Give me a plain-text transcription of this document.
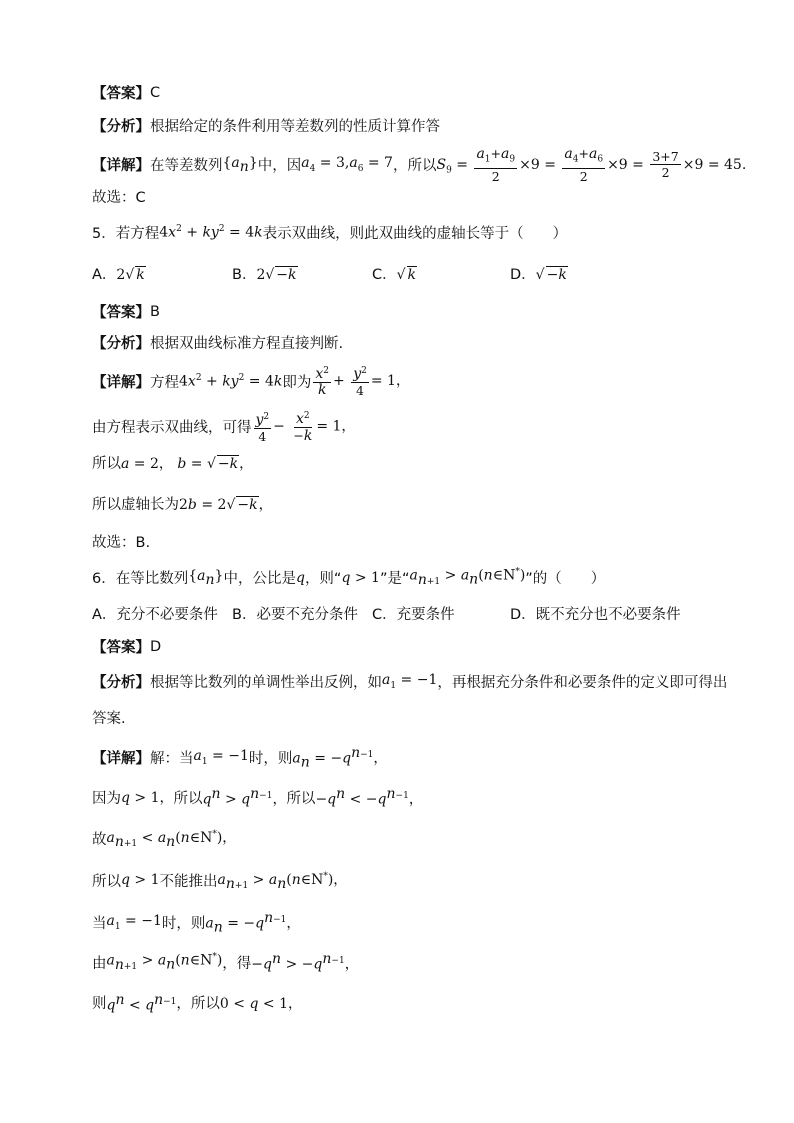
【答案】 C
【分析】 根据给定的条件利用等差数列的性质计算作答
【详解】 在等差数列 $\{a_n\}$ 中，因 $a_4 = 3,a_6 = 7$ ，所以 $S_9 = \frac{a_1+a_9}{2} \times 9 = \frac{a_4+a_6}{2} \times 9 = \frac{3+7}{2} \times 9 = 45$.
故选：C
5．若方程 $4x^2 + ky^2 = 4k$ 表示双曲线，则此双曲线的虚轴长等于（　　）
A．2√ k	B．2√ −k	C．√ k	D．√ −k
【答案】 B
【分析】 根据双曲线标准方程直接判断.
【详解】 方程 $4x^2 + ky^2 = 4k$ 即为 $\frac{x^2}{k} + \frac{y^2}{4} = 1$，
由方程表示双曲线，可得 $\frac{y^2}{4} - \frac{x^2}{-k} = 1$，
所以 a = 2， b = √ −k，
所以虚轴长为 2b = 2√ −k，
故选：B.
6．在等比数列 $\{a_n\}$ 中，公比是 q ，则“ q > 1 ”是“ $a_{n+1}$ > $a_n(n\in N^*)$ ”的（　　）
A．充分不必要条件 B．必要不充分条件 C．充要条件	D．既不充分也不必要条件
【答案】 D
【分析】 根据等比数列的单调性举出反例，如 $a_1 = -1$ ，再根据充分条件和必要条件的定义即可得出
答案.
【详解】 解：当 $a_1 = -1$ 时，则 $a_n = -q^{n-1}$，
因为 q > 1， 所以 $q^n > q^{n-1}$， 所以 $-q^n < -q^{n-1}$，
故 $a_{n+1}$ < $a_n(n\in N^*)$，
所以 q > 1 不能推出 $a_{n+1}$ > $a_n(n\in N^*)$，
当 $a_1 = -1$ 时，则 $a_n = -q^{n-1}$，
由 $a_{n+1}$ > $a_n(n\in N^*)$ ，得 $-q^n > -q^{n-1}$，
则 $q^n < q^{n-1}$ ，所以 0 < q < 1，
